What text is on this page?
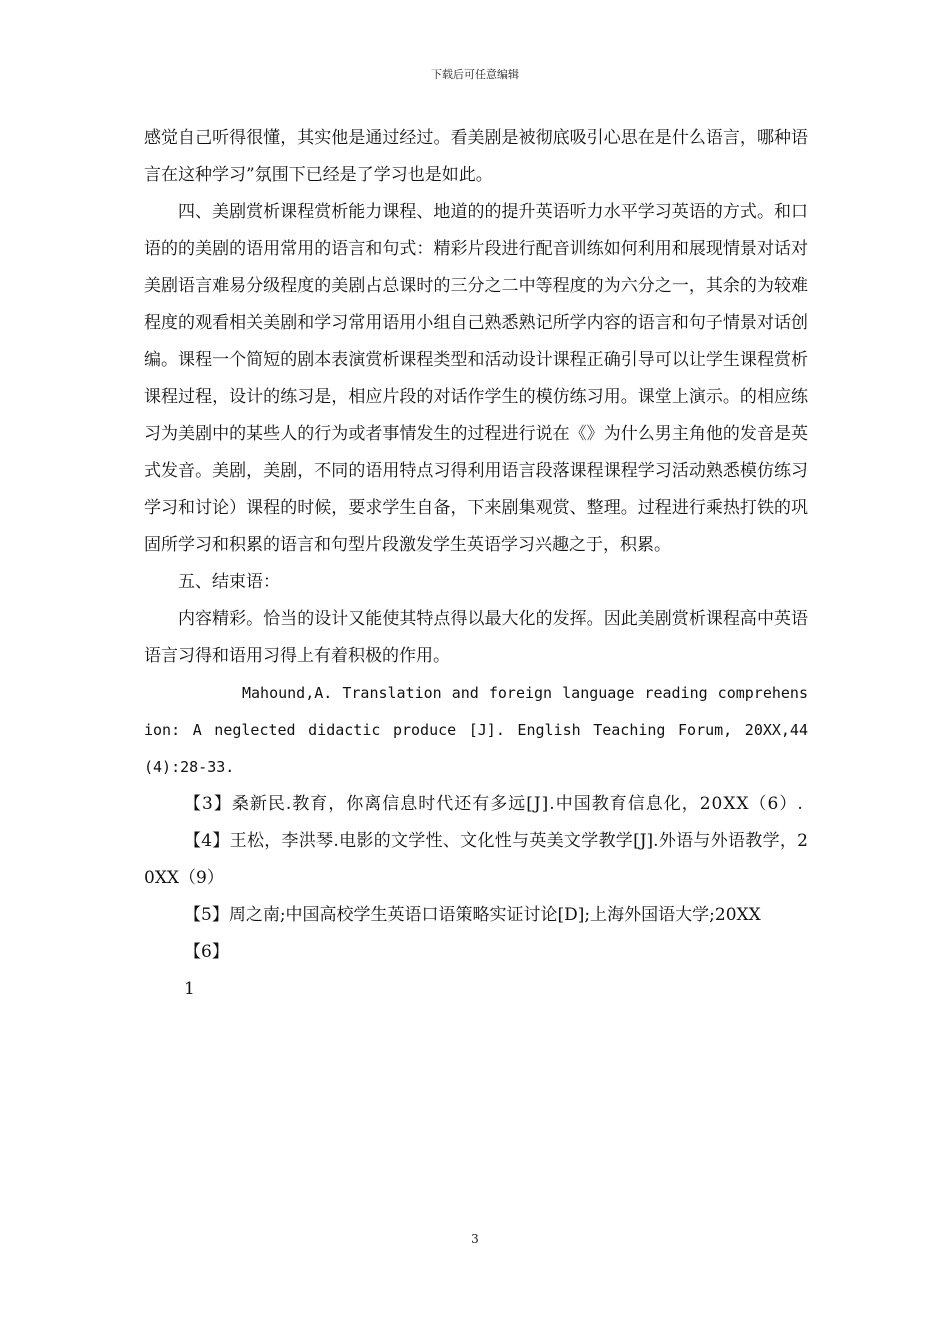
下载后可任意编辑

感觉自己听得很懂，其实他是通过经过。看美剧是被彻底吸引心思在是什么语言，哪种语言在这种学习”氛围下已经是了学习也是如此。

四、美剧赏析课程赏析能力课程、地道的的提升英语听力水平学习英语的方式。和口语的的美剧的语用常用的语言和句式：精彩片段进行配音训练如何利用和展现情景对话对美剧语言难易分级程度的美剧占总课时的三分之二中等程度的为六分之一，其余的为较难程度的观看相关美剧和学习常用语用小组自己熟悉熟记所学内容的语言和句子情景对话创编。课程一个简短的剧本表演赏析课程类型和活动设计课程正确引导可以让学生课程赏析课程过程，设计的练习是，相应片段的对话作学生的模仿练习用。课堂上演示。的相应练习为美剧中的某些人的行为或者事情发生的过程进行说在《》为什么男主角他的发音是英式发音。美剧，美剧，不同的语用特点习得利用语言段落课程课程学习活动熟悉模仿练习学习和讨论）课程的时候，要求学生自备，下来剧集观赏、整理。过程进行乘热打铁的巩固所学习和积累的语言和句型片段激发学生英语学习兴趣之于，积累。

五、结束语：

内容精彩。恰当的设计又能使其特点得以最大化的发挥。因此美剧赏析课程高中英语语言习得和语用习得上有着积极的作用。

Mahound,A. Translation and foreign language reading comprehension: A neglected didactic produce [J]. English Teaching Forum, 20XX,44(4):28-33.

【3】桑新民.教育，你离信息时代还有多远[J].中国教育信息化，20XX（6）.

【4】王松，李洪琴.电影的文学性、文化性与英美文学教学[J].外语与外语教学，20XX（9）

【5】周之南;中国高校学生英语口语策略实证讨论[D];上海外国语大学;20XX

【6】

1

3
